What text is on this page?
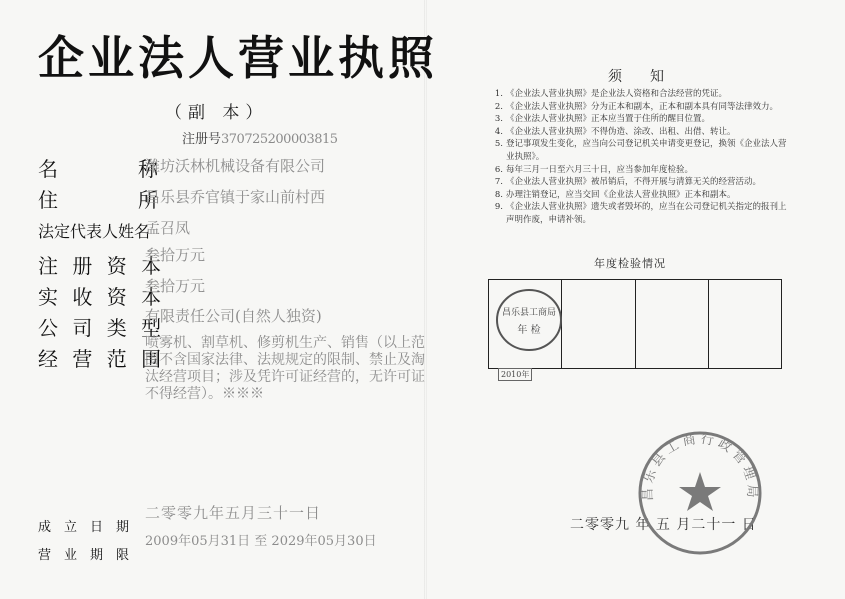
企业法人营业执照
（副 本）
注册号370725200003815
名　　　　称
潍坊沃林机械设备有限公司
住　　　　所
昌乐县乔官镇于家山前村西
法定代表人姓名
孟召凤
注 册 资 本
叁拾万元
实 收 资 本
叁拾万元
公 司 类 型
有限责任公司(自然人独资)
经 营 范 围
喷雾机、割草机、修剪机生产、销售（以上范围不含国家法律、法规规定的限制、禁止及淘汰经营项目；涉及凭许可证经营的，无许可证不得经营）。※※※
成　立　日　期
二零零九年五月三十一日
营　业　期　限
2009年05月31日 至 2029年05月30日
须知
1. 《企业法人营业执照》是企业法人资格和合法经营的凭证。
2. 《企业法人营业执照》分为正本和副本，正本和副本具有同等法律效力。
3. 《企业法人营业执照》正本应当置于住所的醒目位置。
4. 《企业法人营业执照》不得伪造、涂改、出租、出借、转让。
5. 登记事项发生变化，应当向公司登记机关申请变更登记，换领《企业法人营业执照》。
6. 每年三月一日至六月三十日，应当参加年度检验。
7. 《企业法人营业执照》被吊销后，不得开展与清算无关的经营活动。
8. 办理注销登记，应当交回《企业法人营业执照》正本和副本。
9. 《企业法人营业执照》遗失或者毁坏的，应当在公司登记机关指定的报刊上声明作废，申请补领。
年度检验情况
昌乐县工商局
年 检
2010年
二零零九 年 五 月二十一 日
昌乐县工商行政管理局
